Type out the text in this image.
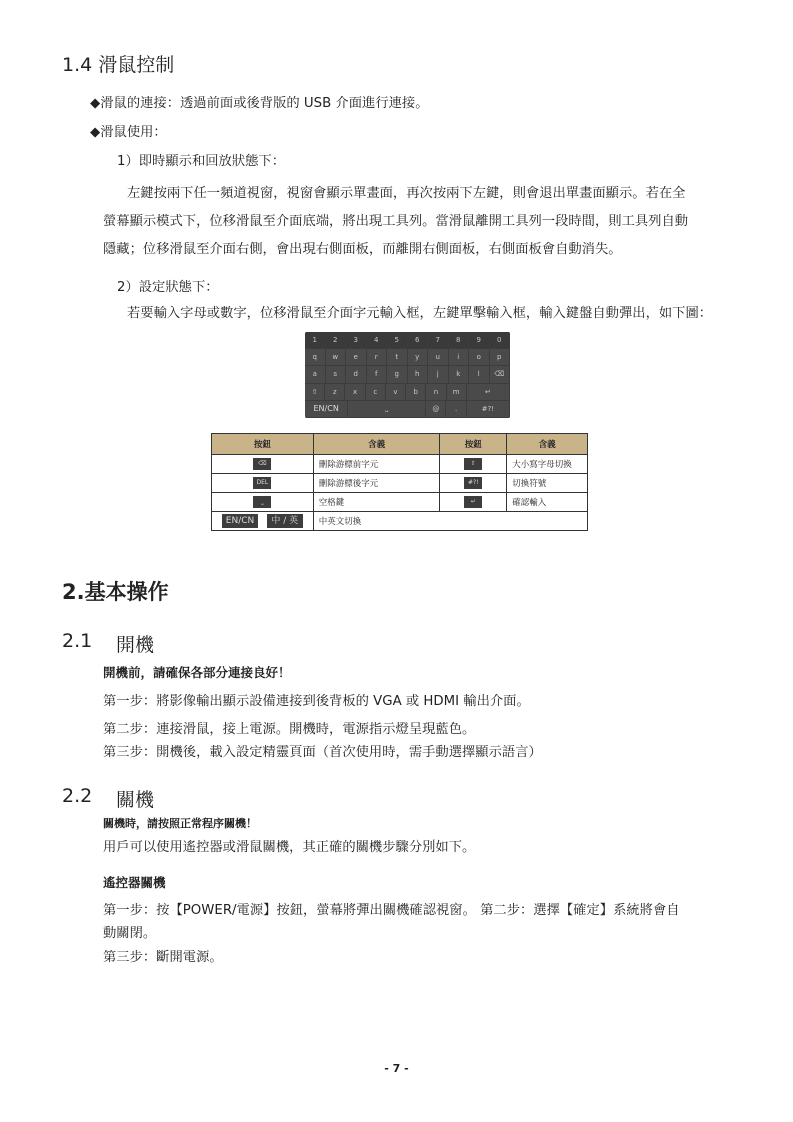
1.4 滑鼠控制
◆滑鼠的連接：透過前面或後背版的 USB 介面進行連接。
◆滑鼠使用：
1）即時顯示和回放狀態下：
左鍵按兩下任一頻道視窗，視窗會顯示單畫面，再次按兩下左鍵，則會退出單畫面顯示。若在全
螢幕顯示模式下，位移滑鼠至介面底端，將出現工具列。當滑鼠離開工具列一段時間，則工具列自動
隱藏；位移滑鼠至介面右側，會出現右側面板，而離開右側面板，右側面板會自動消失。
2）設定狀態下：
若要輸入字母或數字，位移滑鼠至介面字元輸入框，左鍵單擊輸入框，輸入鍵盤自動彈出，如下圖：
1	2	3	4	5	6	7	8	9	0
q	w	e	r	t	y	u	i	o	p
a	s	d	f	g	h	j	k	l	⌫
⇧	z	x	c	v	b	n	m	↵
EN/CN	⎵	@	.	#?!
按鈕	含義	按鈕	含義
⌫	刪除游標前字元	⇧	大小寫字母切換
DEL	刪除游標後字元	#?!	切換符號
⎵	空格鍵	↵	確認輸入
EN/CN 中 / 英	中英文切換		
2.基本操作
2.1 開機
開機前，請確保各部分連接良好！
第一步：將影像輸出顯示設備連接到後背板的 VGA 或 HDMI 輸出介面。
第二步：連接滑鼠，接上電源。開機時，電源指示燈呈現藍色。
第三步：開機後，載入設定精靈頁面（首次使用時，需手動選擇顯示語言）
2.2 關機
關機時，請按照正常程序關機！
用戶可以使用遙控器或滑鼠關機，其正確的關機步驟分別如下。
遙控器關機
第一步：按【POWER/電源】按鈕，螢幕將彈出關機確認視窗。 第二步：選擇【確定】系統將會自
動關閉。
第三步：斷開電源。
- 7 -
